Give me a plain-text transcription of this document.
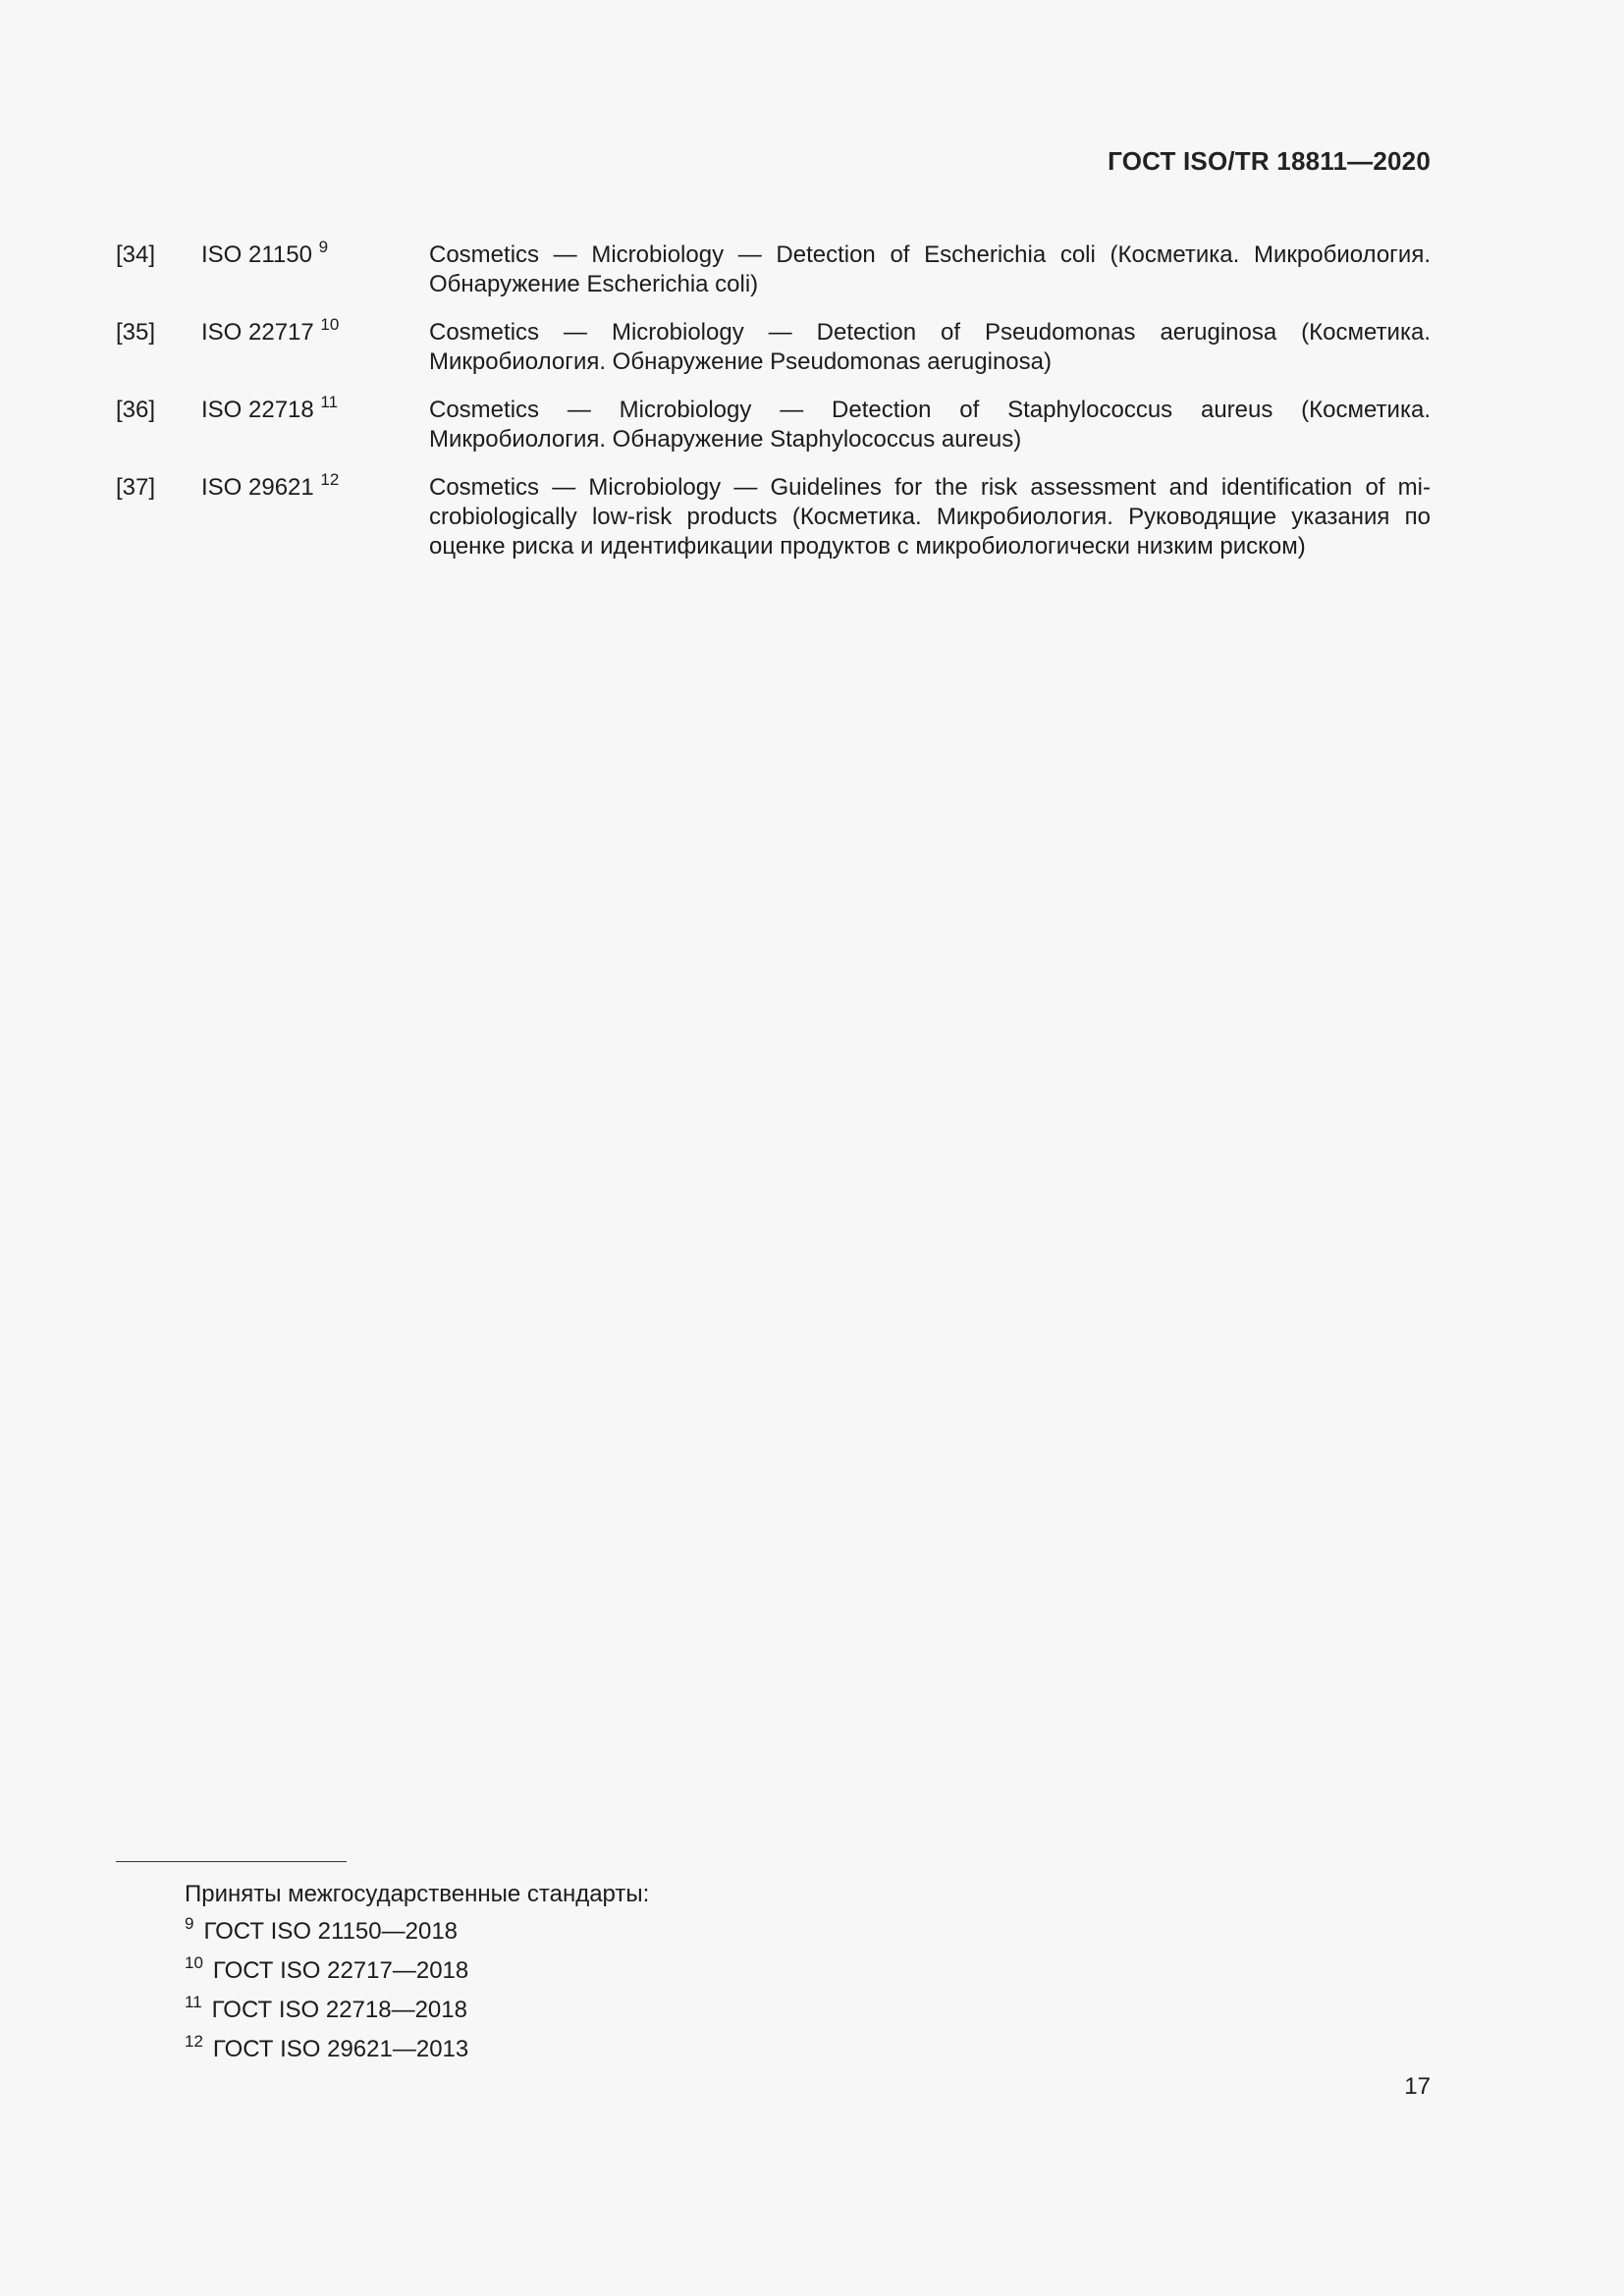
ГОСТ ISO/TR 18811—2020
[34] ISO 21150 $^9$	Cosmetics — Microbiology — Detection of Escherichia coli (Косметика. Микробиология. Обнаружение Escherichia coli)
[35] ISO 22717 $^{10}$	Cosmetics — Microbiology — Detection of Pseudomonas aeruginosa (Косметика. Микробиология. Обнаружение Pseudomonas aeruginosa)
[36] ISO 22718 $^{11}$	Cosmetics — Microbiology — Detection of Staphylococcus aureus (Косметика. Микробиология. Обнаружение Staphylococcus aureus)
[37] ISO 29621 $^{12}$	Cosmetics — Microbiology — Guidelines for the risk assessment and identification of microbiologically low-risk products (Косметика. Микробиология. Руководящие указания по оценке риска и идентификации продуктов с микробиологически низким риском)
Приняты межгосударственные стандарты:
$^9$ ГОСТ ISO 21150—2018
$^{10}$ ГОСТ ISO 22717—2018
$^{11}$ ГОСТ ISO 22718—2018
$^{12}$ ГОСТ ISO 29621—2013
17
